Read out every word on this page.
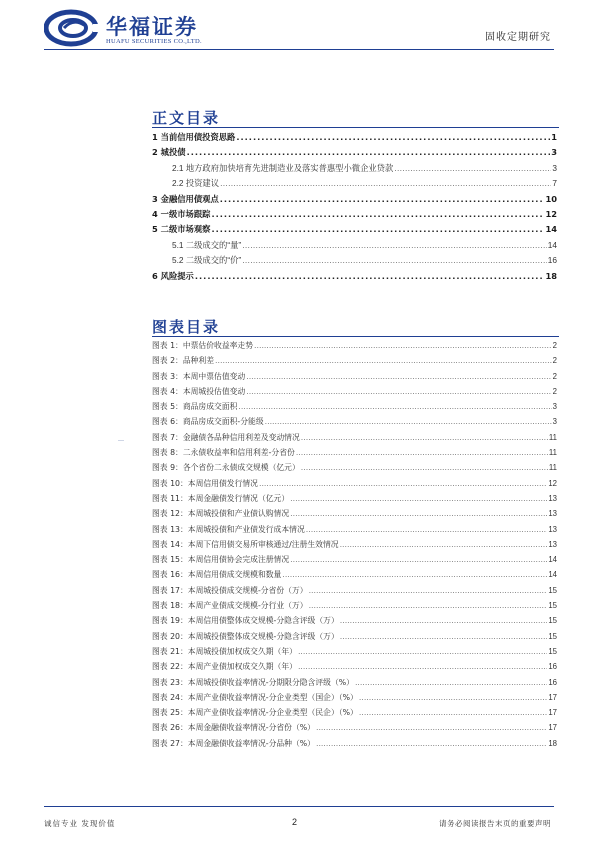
华福证券
HUAFU SECURITIES CO.,LTD.	固收定期研究
正文目录
1 当前信用债投资思路 .....	1
2 城投债 .....	3
2.1 地方政府加快培育先进制造业及落实普惠型小微企业贷款 .....	3
2.2 投资建议 .....	7
3 金融信用债观点 .....	10
4 一级市场跟踪 .....	12
5 二级市场观察 .....	14
5.1 二级成交的“量” .....	14
5.2 二级成交的“价” .....	16
6 风险提示 .....	18
图表目录
图表 1：中票估价收益率走势 .....	2
图表 2：品种利差 .....	2
图表 3：本周中票估值变动 .....	2
图表 4：本周城投估值变动 .....	2
图表 5：商品房成交面积 .....	3
图表 6：商品房成交面积-分能级 .....	3
图表 7：金融债各品种信用利差及变动情况 .....	11
图表 8：二永债收益率和信用利差-分省份 .....	11
图表 9：各个省份二永债成交规模（亿元） .....	11
图表 10：本周信用债发行情况 .....	12
图表 11：本周金融债发行情况（亿元） .....	13
图表 12：本周城投债和产业债认购情况 .....	13
图表 13：本周城投债和产业债发行成本情况 .....	13
图表 14：本周下信用债交易所审核通过/注册生效情况 .....	13
图表 15：本周信用债协会完成注册情况 .....	14
图表 16：本周信用债成交规模和数量 .....	14
图表 17：本周城投债成交规模-分省份（万） .....	15
图表 18：本周产业债成交规模-分行业（万） .....	15
图表 19：本周信用债整体成交规模-分隐含评级（万） .....	15
图表 20：本周城投债整体成交规模-分隐含评级（万） .....	15
图表 21：本周城投债加权成交久期（年） .....	15
图表 22：本周产业债加权成交久期（年） .....	16
图表 23：本周城投债收益率情况-分期限分隐含评级（%） .....	16
图表 24：本周产业债收益率情况-分企业类型（国企）（%） .....	17
图表 25：本周产业债收益率情况-分企业类型（民企）（%） .....	17
图表 26：本周金融债收益率情况-分省份（%） .....	17
图表 27：本周金融债收益率情况-分品种（%） .....	18
诚信专业 发现价值	2	请务必阅读报告末页的重要声明
